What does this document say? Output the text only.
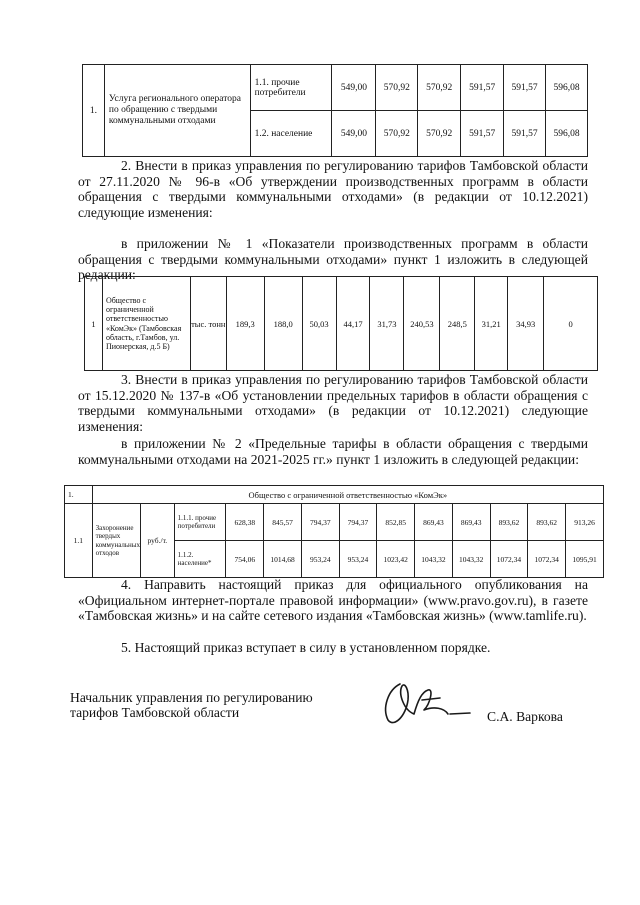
1.	Услуга регионального оператора по обращению с твердыми коммунальными отходами	1.1. прочие потребители	549,00	570,92	570,92	591,57	591,57	596,08
		1.2. население	549,00	570,92	570,92	591,57	591,57	596,08

2. Внести в приказ управления по регулированию тарифов Тамбовской области от 27.11.2020 № 96-в «Об утверждении производственных программ в области обращения с твердыми коммунальными отходами» (в редакции от 10.12.2021) следующие изменения:

в приложении № 1 «Показатели производственных программ в области обращения с твердыми коммунальными отходами» пункт 1 изложить в следующей редакции:

1	Общество с ограниченной ответственностью «КомЭк» (Тамбовская область, г.Тамбов, ул. Пионерская, д.5 Б)	тыс. тонн	189,3	188,0	50,03	44,17	31,73	240,53	248,5	31,21	34,93	0

3. Внести в приказ управления по регулированию тарифов Тамбовской области от 15.12.2020 № 137-в «Об установлении предельных тарифов в области обращения с твердыми коммунальными отходами» (в редакции от 10.12.2021) следующие изменения:

в приложении № 2 «Предельные тарифы в области обращения с твердыми коммунальными отходами на 2021-2025 гг.» пункт 1 изложить в следующей редакции:

1.	Общество с ограниченной ответственностью «КомЭк»												
1.1	Захоронение твердых коммунальных отходов	руб./т.	1.1.1. прочие потребители	628,38	845,57	794,37	794,37	852,85	869,43	869,43	893,62	893,62	913,26
			1.1.2. население*	754,06	1014,68	953,24	953,24	1023,42	1043,32	1043,32	1072,34	1072,34	1095,91

4. Направить настоящий приказ для официального опубликования на «Официальном интернет-портале правовой информации» (www.pravo.gov.ru), в газете «Тамбовская жизнь» и на сайте сетевого издания «Тамбовская жизнь» (www.tamlife.ru).

5. Настоящий приказ вступает в силу в установленном порядке.

Начальник управления по регулированию
тарифов Тамбовской области	С.А. Варкова
